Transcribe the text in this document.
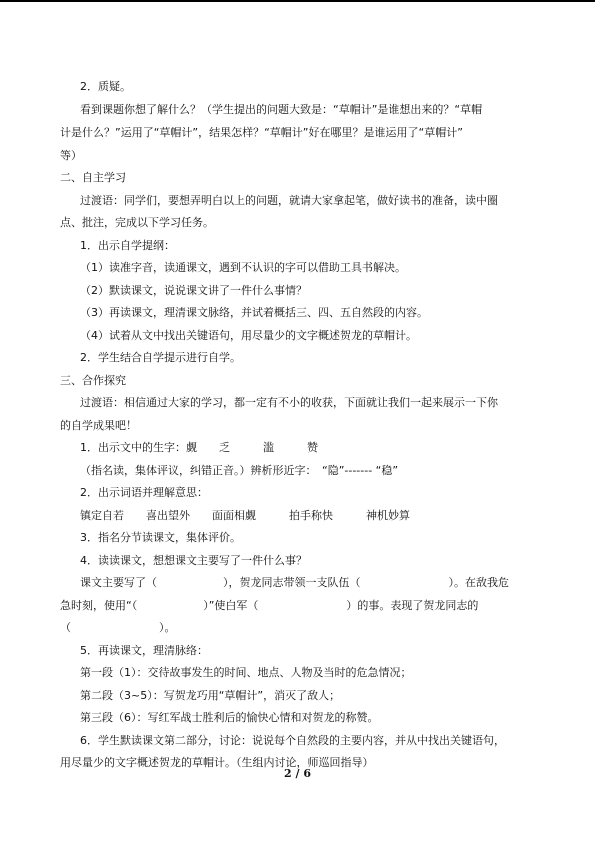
2．质疑。
看到课题你想了解什么？（学生提出的问题大致是：“草帽计”是谁想出来的？“草帽
计是什么？”运用了“草帽计”，结果怎样？“草帽计”好在哪里？是谁运用了“草帽计”
等）
二、自主学习
过渡语：同学们，要想弄明白以上的问题，就请大家拿起笔，做好读书的准备，读中圈
点、批注，完成以下学习任务。
1．出示自学提纲：
（1）读准字音，读通课文，遇到不认识的字可以借助工具书解决。
（2）默读课文，说说课文讲了一件什么事情？
（3）再读课文，理清课文脉络，并试着概括三、四、五自然段的内容。
（4）试着从文中找出关键语句，用尽量少的文字概述贺龙的草帽计。
2．学生结合自学提示进行自学。
三、合作探究
过渡语：相信通过大家的学习，都一定有不小的收获，下面就让我们一起来展示一下你
的自学成果吧！
1．出示文中的生字：觑　　乏　　　滥　　　赞
（指名读，集体评议，纠错正音。）辨析形近字：　“隐”------- “稳”
2．出示词语并理解意思：
镇定自若　　喜出望外　　面面相觑　　　拍手称快　　　神机妙算
3．指名分节读课文，集体评价。
4．读读课文，想想课文主要写了一件什么事？
课文主要写了（　　　　　　），贺龙同志带领一支队伍（　　　　　　　　）。在敌我危
急时刻，使用“（　　　　　　）”使白军（　　　　　　　　）的事。表现了贺龙同志的
（　　　　　　　　）。
5．再读课文，理清脉络：
第一段（1）：交待故事发生的时间、地点、人物及当时的危急情况；
第二段（3~5）：写贺龙巧用“草帽计”，消灭了敌人；
第三段（6）：写红军战士胜利后的愉快心情和对贺龙的称赞。
6．学生默读课文第二部分，讨论：说说每个自然段的主要内容，并从中找出关键语句，
用尽量少的文字概述贺龙的草帽计。（生组内讨论，师巡回指导）
2 / 6
